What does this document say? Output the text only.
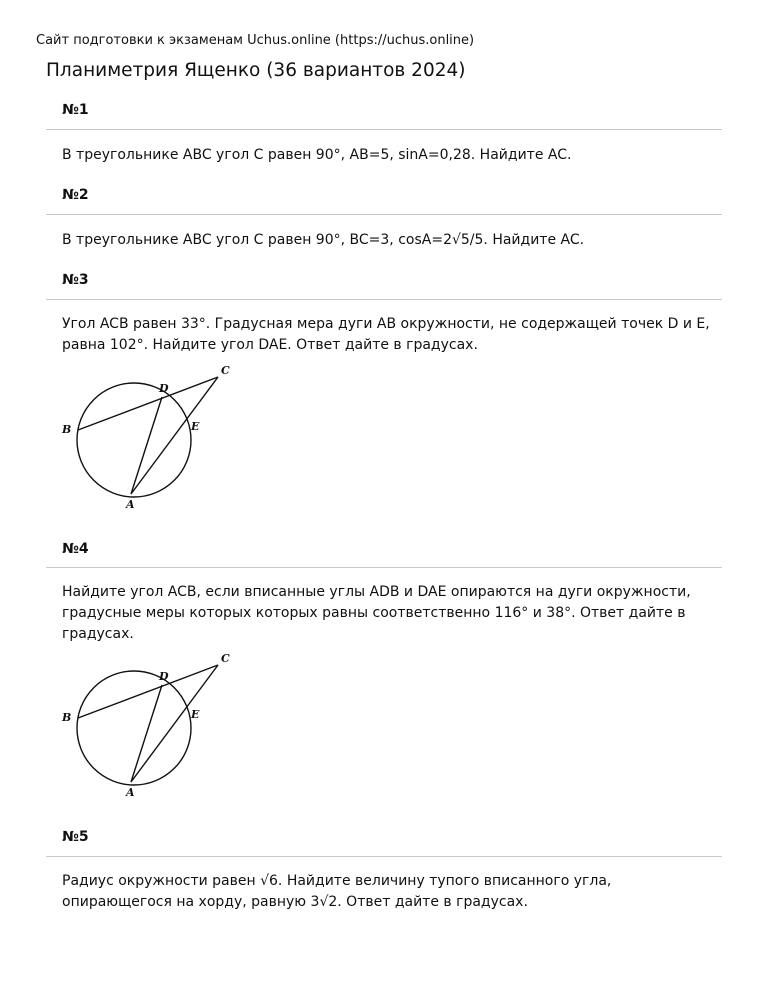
Сайт подготовки к экзаменам Uchus.online (https://uchus.online)
Планиметрия Ященко (36 вариантов 2024)
№1
В треугольнике ABC угол C равен 90°, AB=5, sinA=0,28. Найдите AC.
№2
В треугольнике ABC угол C равен 90°, BC=3, cosA=2√5/5. Найдите AC.
№3
Угол ACB равен 33°. Градусная мера дуги AB окружности, не содержащей точек D и E, равна 102°. Найдите угол DAE. Ответ дайте в градусах.
B
D
C
E
A
№4
Найдите угол ACB, если вписанные углы ADB и DAE опираются на дуги окружности, градусные меры которых которых равны соответственно 116° и 38°. Ответ дайте в градусах.
B
D
C
E
A
№5
Радиус окружности равен √6. Найдите величину тупого вписанного угла, опирающегося на хорду, равную 3√2. Ответ дайте в градусах.
